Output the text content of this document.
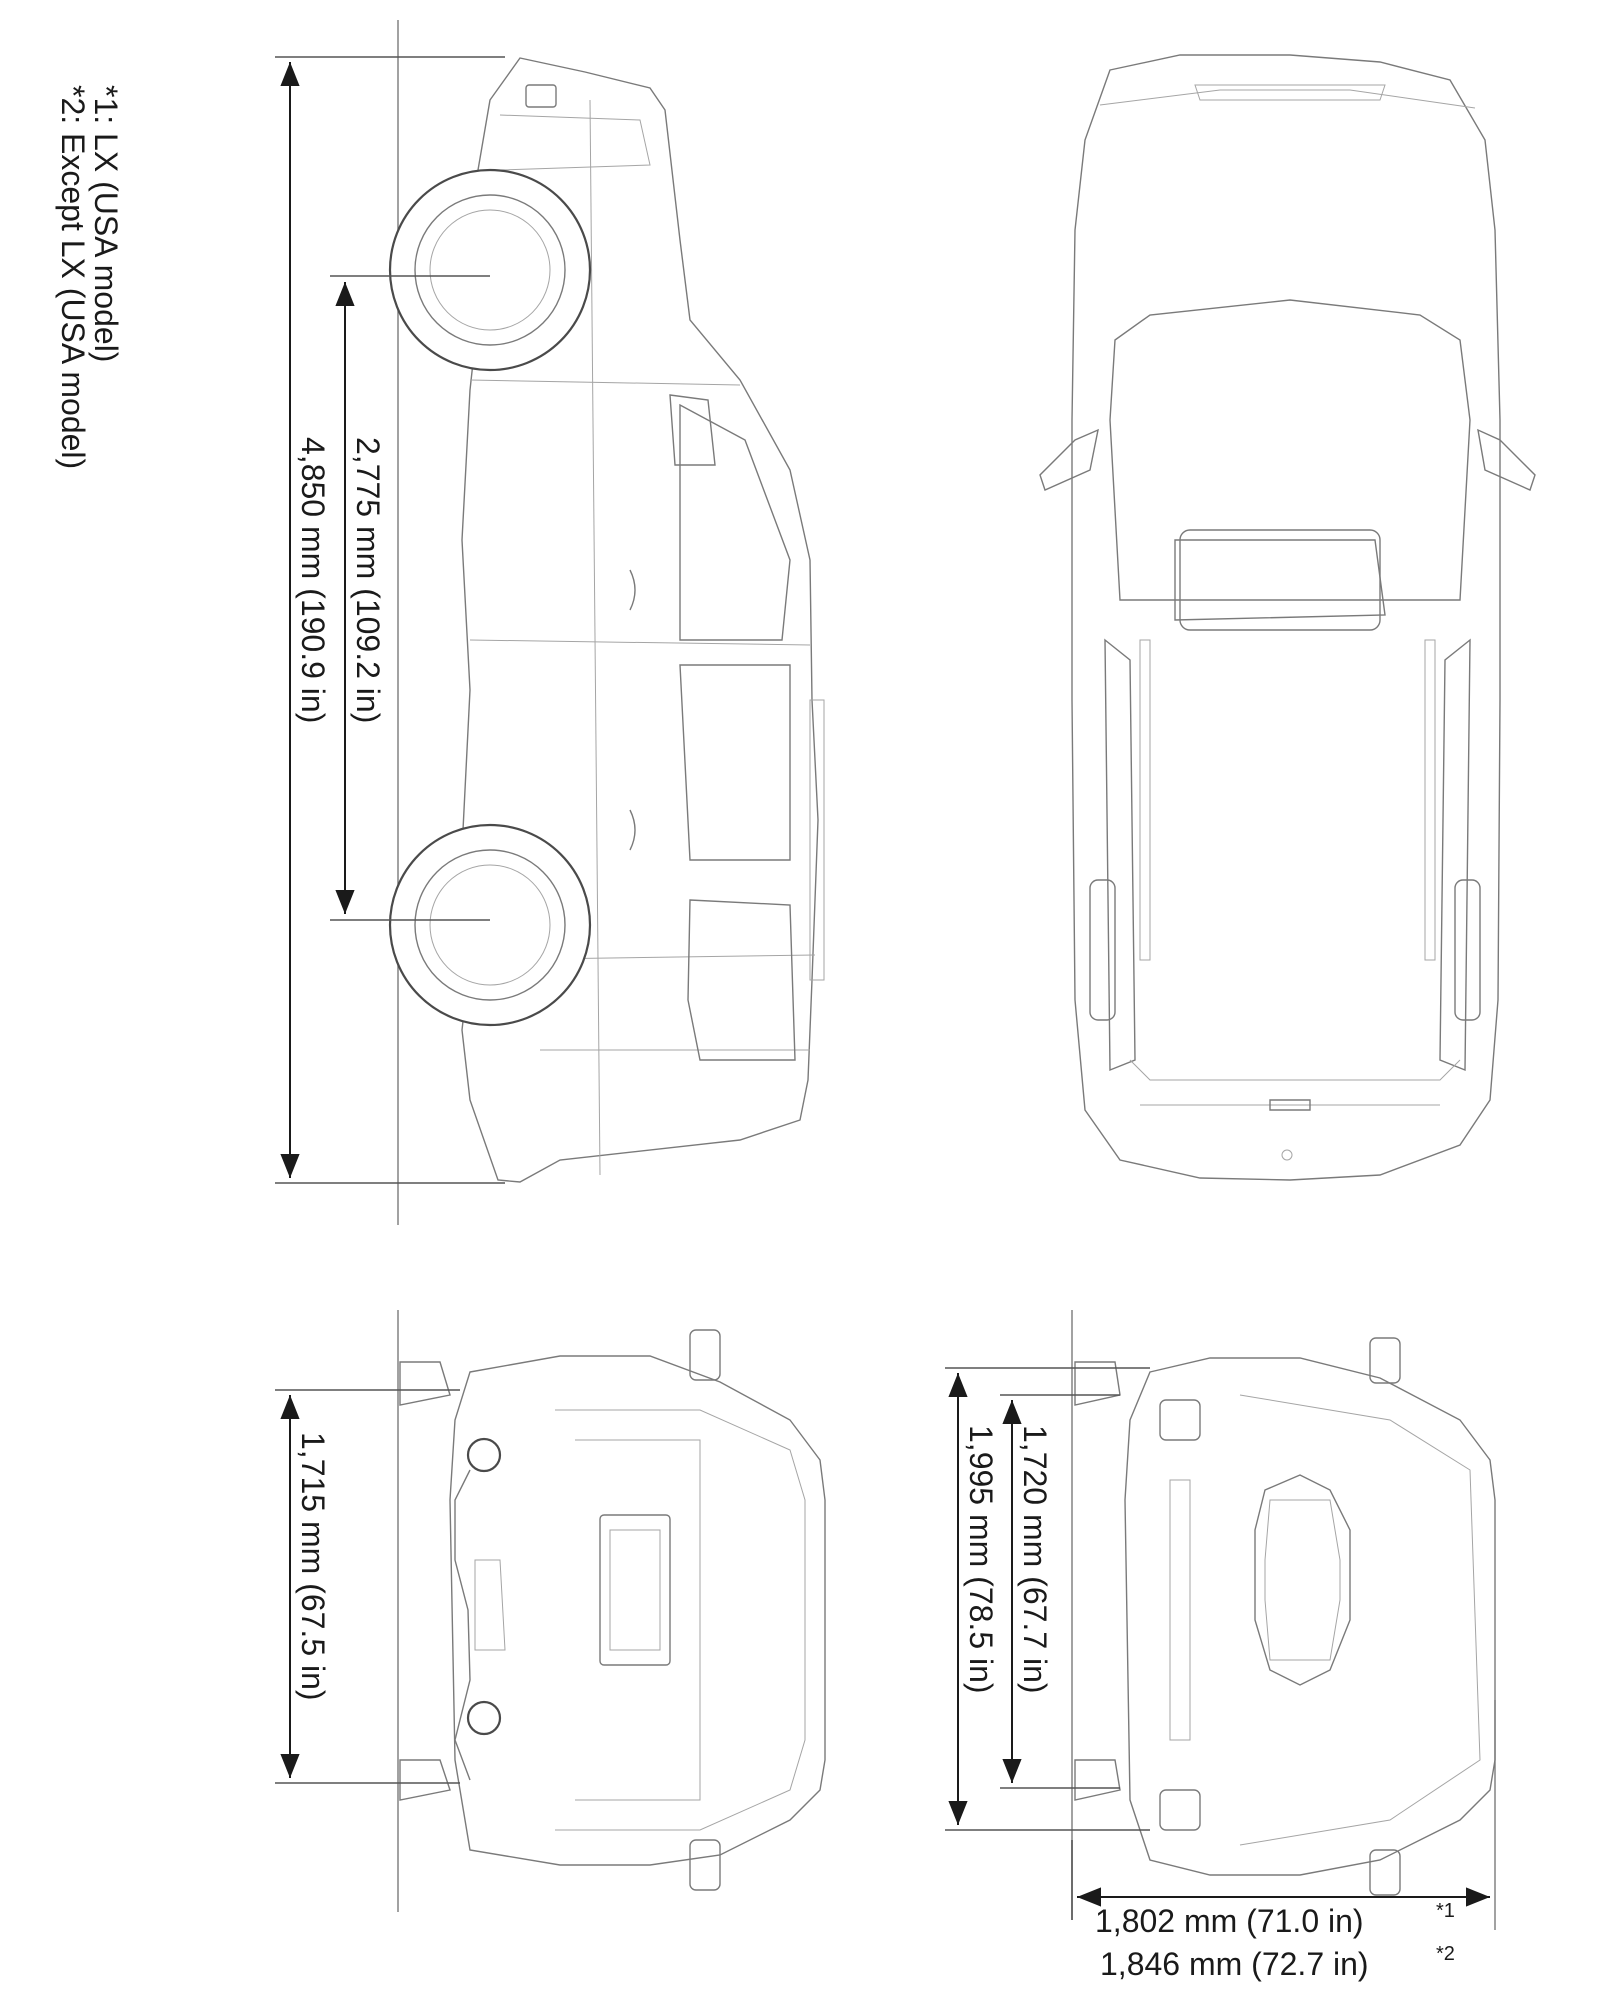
*1: LX (USA model)
*2: Except LX (USA model)
2,775 mm (109.2 in)
4,850 mm (190.9 in)
1,715 mm (67.5 in)	1,720 mm (67.7 in)
1,995 mm (78.5 in)
1,802 mm (71.0 in)	*1
1,846 mm (72.7 in)	*2
